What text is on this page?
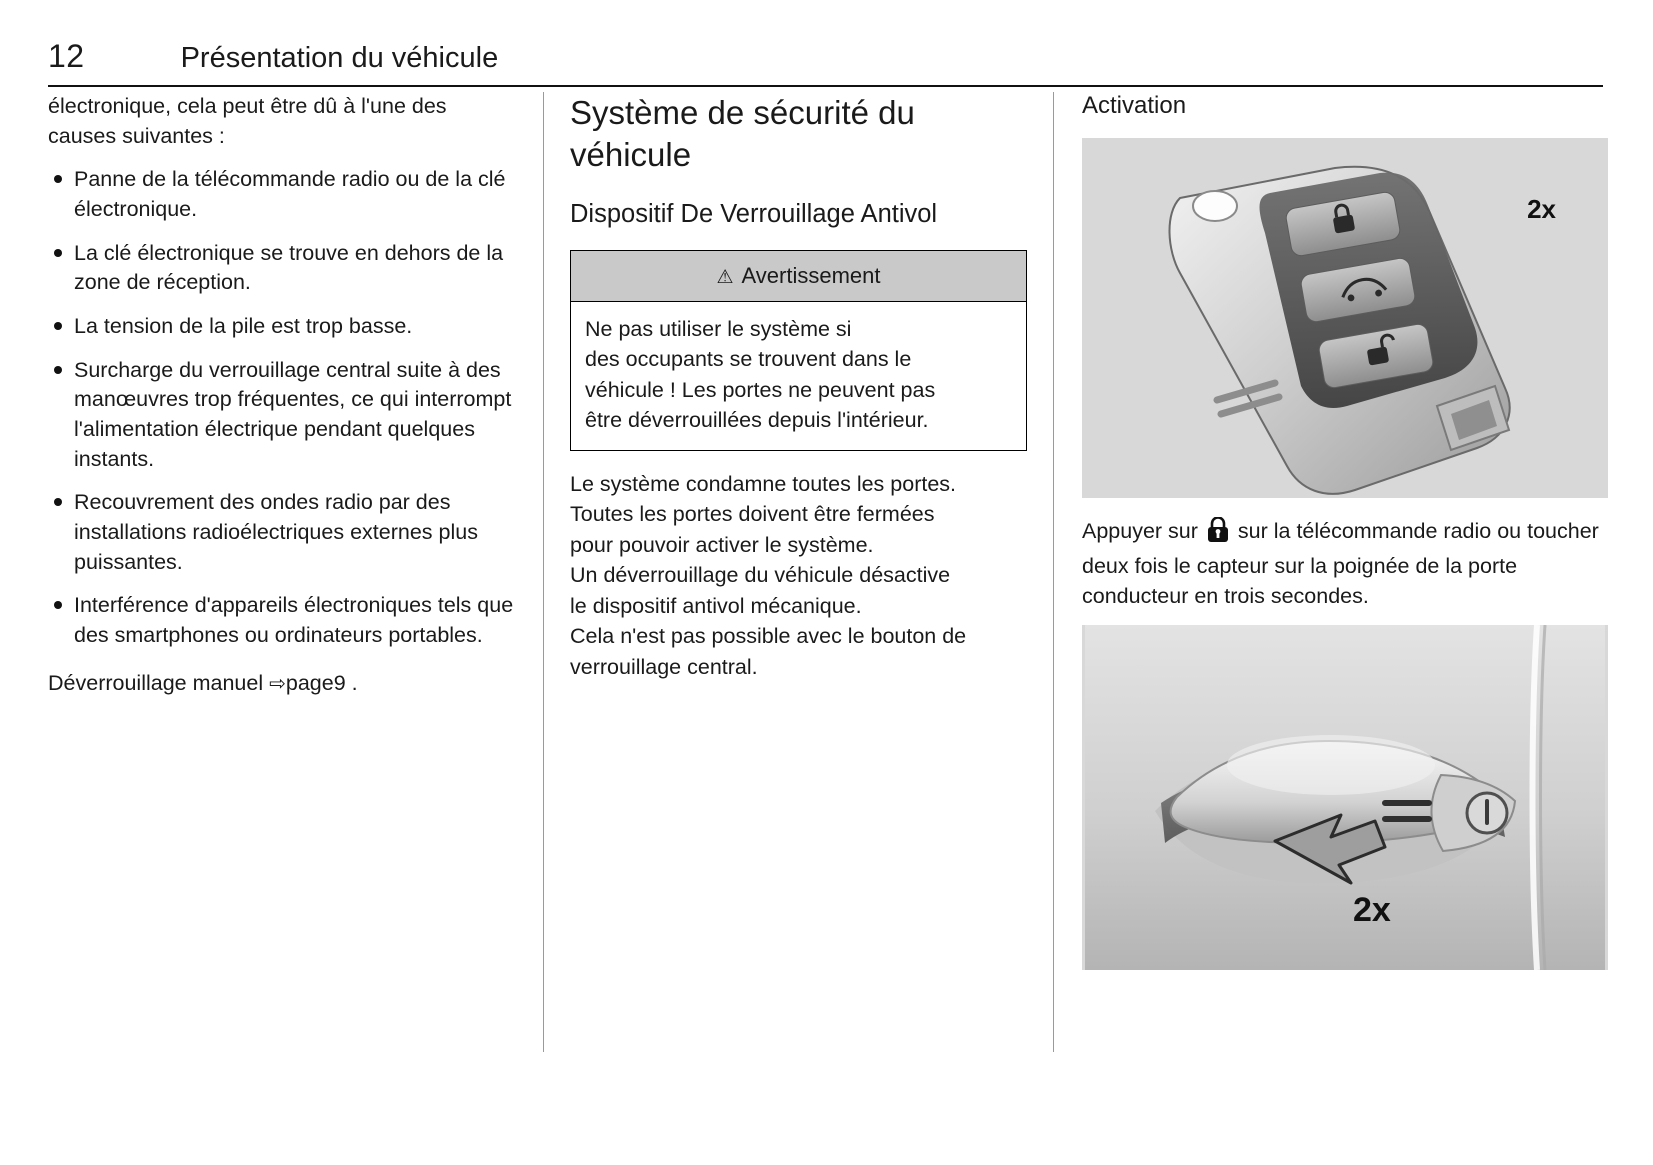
12	Présentation du véhicule

électronique, cela peut être dû à l'une des causes suivantes :

Panne de la télécommande radio ou de la clé électronique.
La clé électronique se trouve en dehors de la zone de réception.
La tension de la pile est trop basse.
Surcharge du verrouillage central suite à des manœuvres trop fréquentes, ce qui interrompt l'alimentation électrique pendant quelques instants.
Recouvrement des ondes radio par des installations radioélectriques externes plus puissantes.
Interférence d'appareils électroniques tels que des smartphones ou ordinateurs portables.
Déverrouillage manuel ⇨page9 .
Système de sécurité du véhicule
Dispositif De Verrouillage Antivol
⚠ Avertissement
Ne pas utiliser le système si
des occupants se trouvent dans le
véhicule ! Les portes ne peuvent pas
être déverrouillées depuis l'intérieur.
Le système condamne toutes les portes.
Toutes les portes doivent être fermées
pour pouvoir activer le système.
Un déverrouillage du véhicule désactive
le dispositif antivol mécanique.
Cela n'est pas possible avec le bouton de
verrouillage central.
Activation
2x

Appuyer sur sur la télécommande radio ou toucher deux fois le capteur sur la poignée de la porte conducteur en trois secondes.

2x
